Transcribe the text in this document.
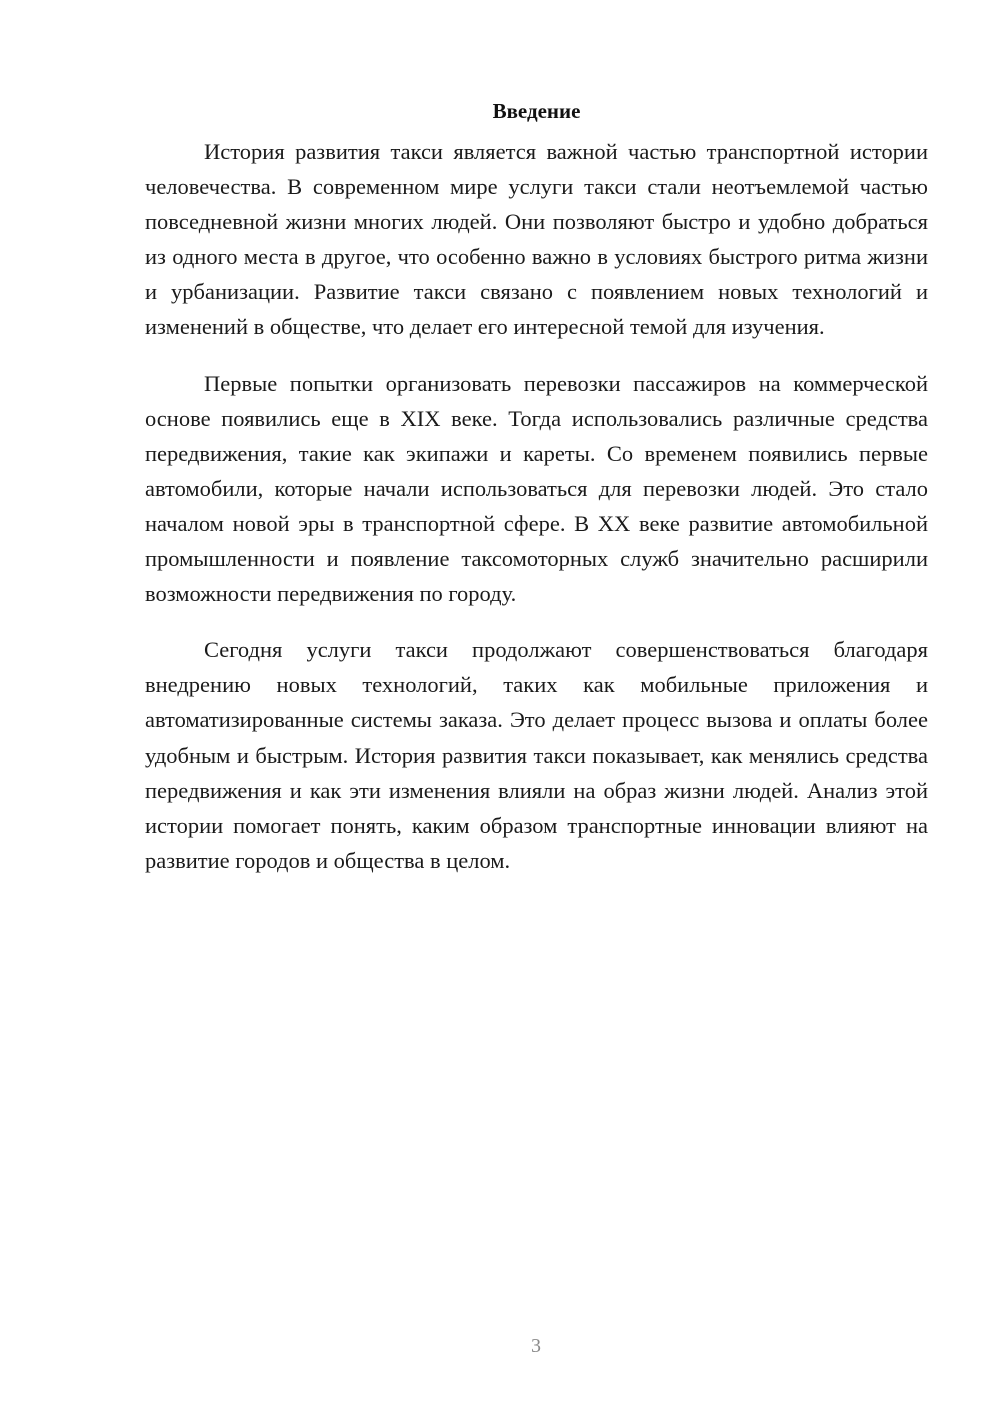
Введение

История развития такси является важной частью транспортной истории человечества. В современном мире услуги такси стали неотъемлемой частью повседневной жизни многих людей. Они позволяют быстро и удобно добраться из одного места в другое, что особенно важно в условиях быстрого ритма жизни и урбанизации. Развитие такси связано с появлением новых технологий и изменений в обществе, что делает его интересной темой для изучения.

Первые попытки организовать перевозки пассажиров на коммерческой основе появились еще в XIX веке. Тогда использовались различные средства передвижения, такие как экипажи и кареты. Со временем появились первые автомобили, которые начали использоваться для перевозки людей. Это стало началом новой эры в транспортной сфере. В XX веке развитие автомобильной промышленности и появление таксомоторных служб значительно расширили возможности передвижения по городу.

Сегодня услуги такси продолжают совершенствоваться благодаря внедрению новых технологий, таких как мобильные приложения и автоматизированные системы заказа. Это делает процесс вызова и оплаты более удобным и быстрым. История развития такси показывает, как менялись средства передвижения и как эти изменения влияли на образ жизни людей. Анализ этой истории помогает понять, каким образом транспортные инновации влияют на развитие городов и общества в целом.

3
